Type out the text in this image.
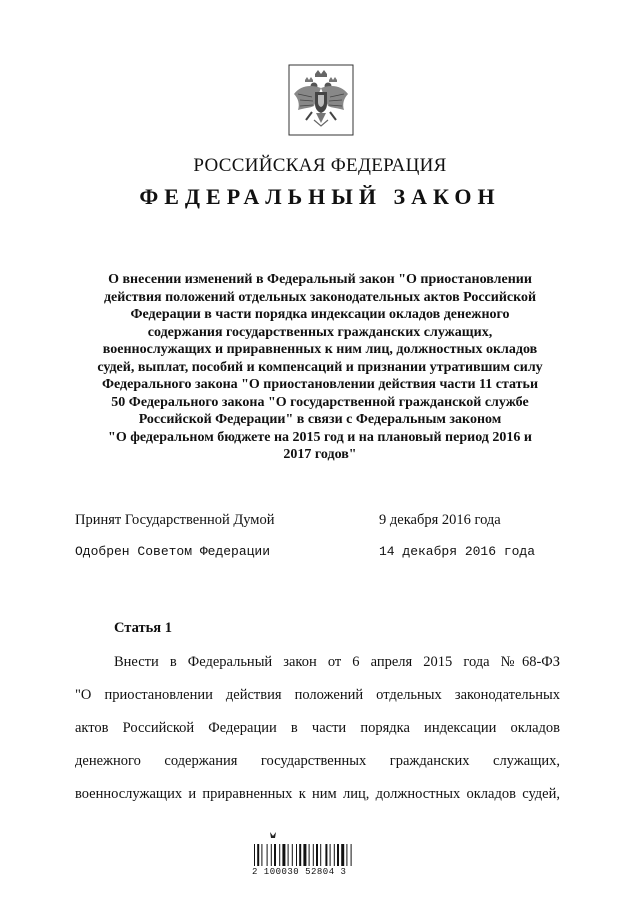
РОССИЙСКАЯ ФЕДЕРАЦИЯ
ФЕДЕРАЛЬНЫЙ ЗАКОН
О внесении изменений в Федеральный закон "О приостановлении
действия положений отдельных законодательных актов Российской
Федерации в части порядка индексации окладов денежного
содержания государственных гражданских служащих,
военнослужащих и приравненных к ним лиц, должностных окладов
судей, выплат, пособий и компенсаций и признании утратившим силу
Федерального закона "О приостановлении действия части 11 статьи
50 Федерального закона "О государственной гражданской службе
Российской Федерации" в связи с Федеральным законом
"О федеральном бюджете на 2015 год и на плановый период 2016 и
2017 годов"
Принят Государственной Думой	9 декабря 2016 года
Одобрен Советом Федерации	14 декабря 2016 года
Статья 1
Внести в Федеральный закон от 6 апреля 2015 года №68-ФЗ
"О приостановлении действия положений отдельных законодательных
актов Российской Федерации в части порядка индексации окладов
денежного содержания государственных гражданских служащих,
военнослужащих и приравненных к ним лиц, должностных окладов судей,
2 100030 52804 3
